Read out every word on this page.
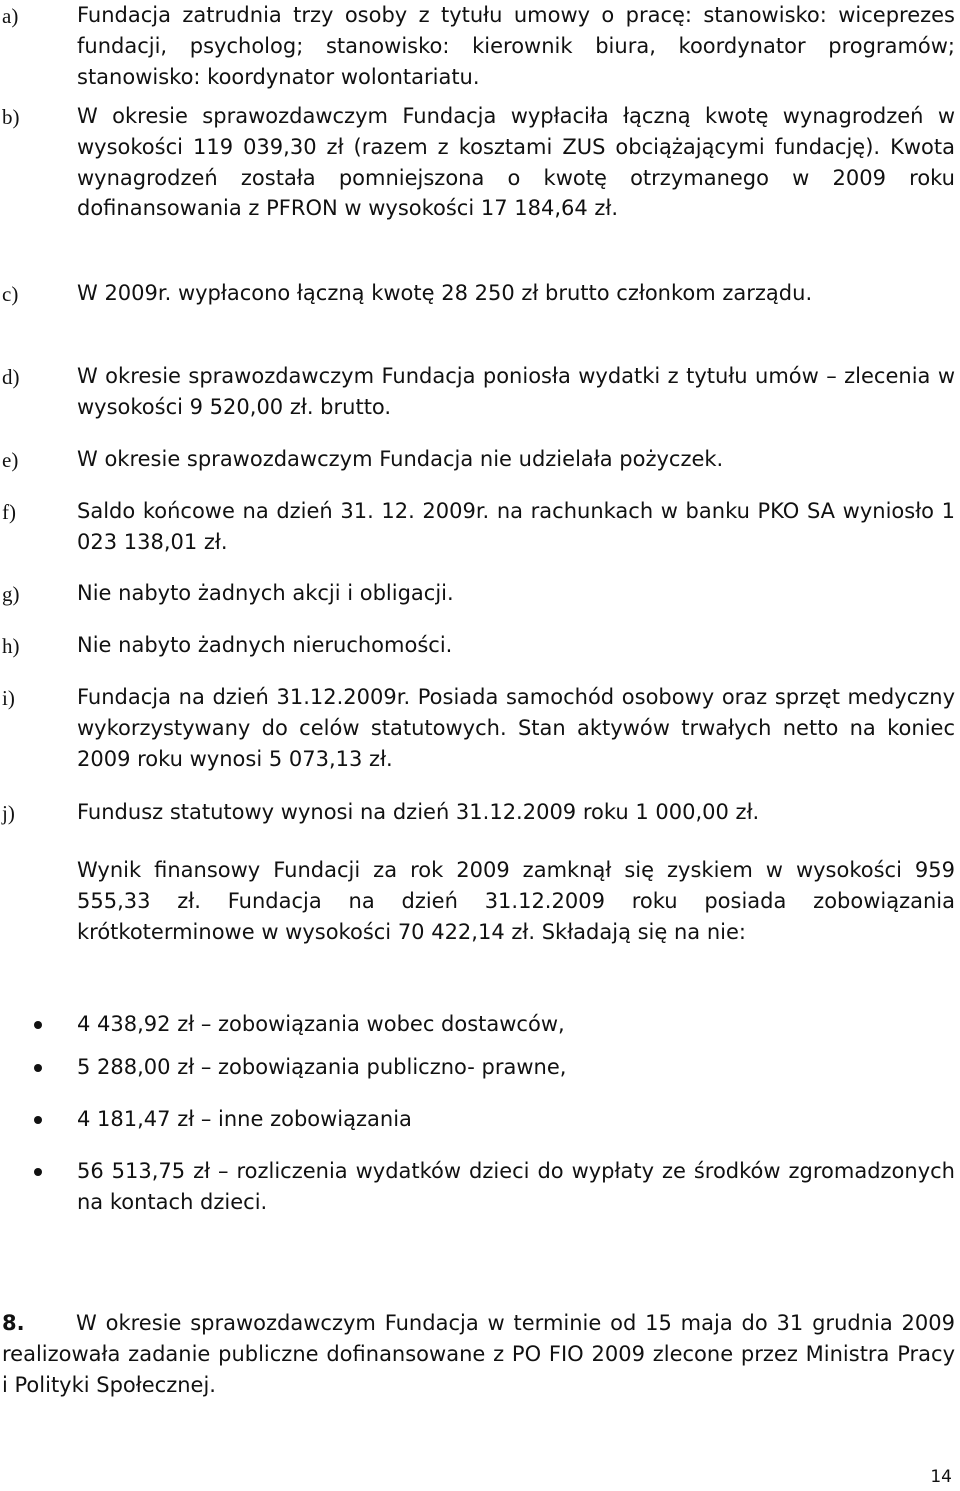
a)	Fundacja zatrudnia trzy osoby z tytułu umowy o pracę: stanowisko: wiceprezes fundacji, psycholog; stanowisko: kierownik biura, koordynator programów; stanowisko: koordynator wolontariatu.
b)	W okresie sprawozdawczym Fundacja wypłaciła łączną kwotę wynagrodzeń w wysokości 119 039,30 zł (razem z kosztami ZUS obciążającymi fundację). Kwota wynagrodzeń została pomniejszona o kwotę otrzymanego w 2009 roku dofinansowania z PFRON w wysokości 17 184,64 zł.
c)	W 2009r. wypłacono łączną kwotę 28 250 zł brutto członkom zarządu.
d)	W okresie sprawozdawczym Fundacja poniosła wydatki z tytułu umów – zlecenia w wysokości 9 520,00 zł. brutto.
e)	W okresie sprawozdawczym Fundacja nie udzielała pożyczek.
f)	Saldo końcowe na dzień 31. 12. 2009r. na rachunkach w banku PKO SA wyniosło 1 023 138,01 zł.
g)	Nie nabyto żadnych akcji i obligacji.
h)	Nie nabyto żadnych nieruchomości.
i)	Fundacja na dzień 31.12.2009r. Posiada samochód osobowy oraz sprzęt medyczny wykorzystywany do celów statutowych. Stan aktywów trwałych netto na koniec 2009 roku wynosi 5 073,13 zł.
j)	Fundusz statutowy wynosi na dzień 31.12.2009 roku 1 000,00 zł.
Wynik finansowy Fundacji za rok 2009 zamknął się zyskiem w wysokości 959 555,33 zł. Fundacja na dzień 31.12.2009 roku posiada zobowiązania krótkoterminowe w wysokości 70 422,14 zł. Składają się na nie:
4 438,92 zł – zobowiązania wobec dostawców,
5 288,00 zł – zobowiązania publiczno- prawne,
4 181,47 zł – inne zobowiązania
56 513,75 zł – rozliczenia wydatków dzieci do wypłaty ze środków zgromadzonych na kontach dzieci.
8. W okresie sprawozdawczym Fundacja w terminie od 15 maja do 31 grudnia 2009 realizowała zadanie publiczne dofinansowane z PO FIO 2009 zlecone przez Ministra Pracy i Polityki Społecznej.
14
